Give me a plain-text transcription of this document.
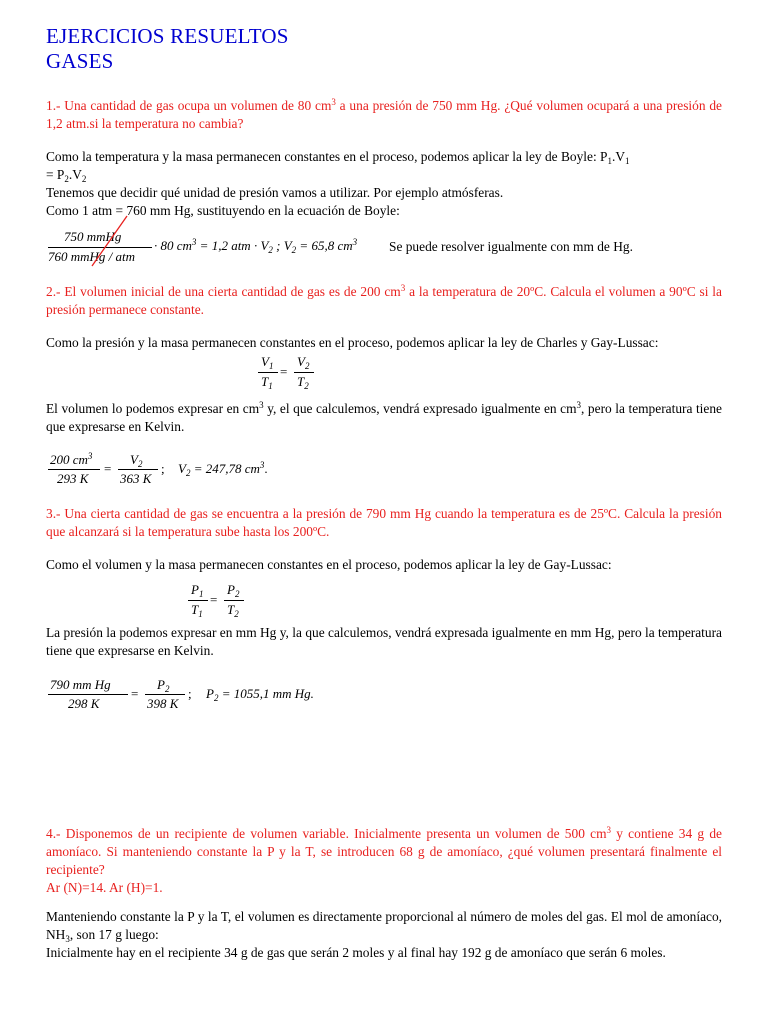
EJERCICIOS RESUELTOS
GASES
1.- Una cantidad de gas ocupa un volumen de 80 $cm^3$ a una presión de 750 mm Hg. ¿Qué volumen ocupará a una presión de 1,2 atm.si la temperatura no cambia?
Como la temperatura y la masa permanecen constantes en el proceso, podemos aplicar la ley de Boyle: $P_1.V_1$
= $P_2.V_2$
Tenemos que decidir qué unidad de presión vamos a utilizar. Por ejemplo atmósferas.
Como 1 atm = 760 mm Hg, sustituyendo en la ecuación de Boyle:
750 mmHg
760 mmHg / atm
· 80 $cm^3 = 1,2$ atm · $V_2$ ; $V_2 = 65,8$ $cm^3$ Se puede resolver igualmente con mm de Hg.
2.- El volumen inicial de una cierta cantidad de gas es de 200 $cm^3$ a la temperatura de 20ºC. Calcula el volumen a 90ºC si la presión permanece constante.
Como la presión y la masa permanecen constantes en el proceso, podemos aplicar la ley de Charles y Gay-Lussac:
$V_1$
$T_1$
=
$V_2$
$T_2$
El volumen lo podemos expresar en $cm^3$ y, el que calculemos, vendrá expresado igualmente en $cm^3$, pero la temperatura tiene que expresarse en Kelvin.
200 $cm^3$
293 K
=
$V_2$
363 K
; $V_2 = 247,78$ $cm^3$.
3.- Una cierta cantidad de gas se encuentra a la presión de 790 mm Hg cuando la temperatura es de 25ºC. Calcula la presión que alcanzará si la temperatura sube hasta los 200ºC.
Como el volumen y la masa permanecen constantes en el proceso, podemos aplicar la ley de Gay-Lussac:
$P_1$
$T_1$
=
$P_2$
$T_2$
La presión la podemos expresar en mm Hg y, la que calculemos, vendrá expresada igualmente en mm Hg, pero la temperatura tiene que expresarse en Kelvin.
790 mm Hg
298 K
=
$P_2$
398 K
; $P_2 = 1055,1$ mm Hg.
4.- Disponemos de un recipiente de volumen variable. Inicialmente presenta un volumen de 500 $cm^3$ y contiene 34 g de amoníaco. Si manteniendo constante la P y la T, se introducen 68 g de amoníaco, ¿qué volumen presentará finalmente el recipiente?
Ar (N)=14. Ar (H)=1.
Manteniendo constante la P y la T, el volumen es directamente proporcional al número de moles del gas. El mol de amoníaco, $NH_3$, son 17 g luego:
Inicialmente hay en el recipiente 34 g de gas que serán 2 moles y al final hay 192 g de amoníaco que serán 6 moles.
